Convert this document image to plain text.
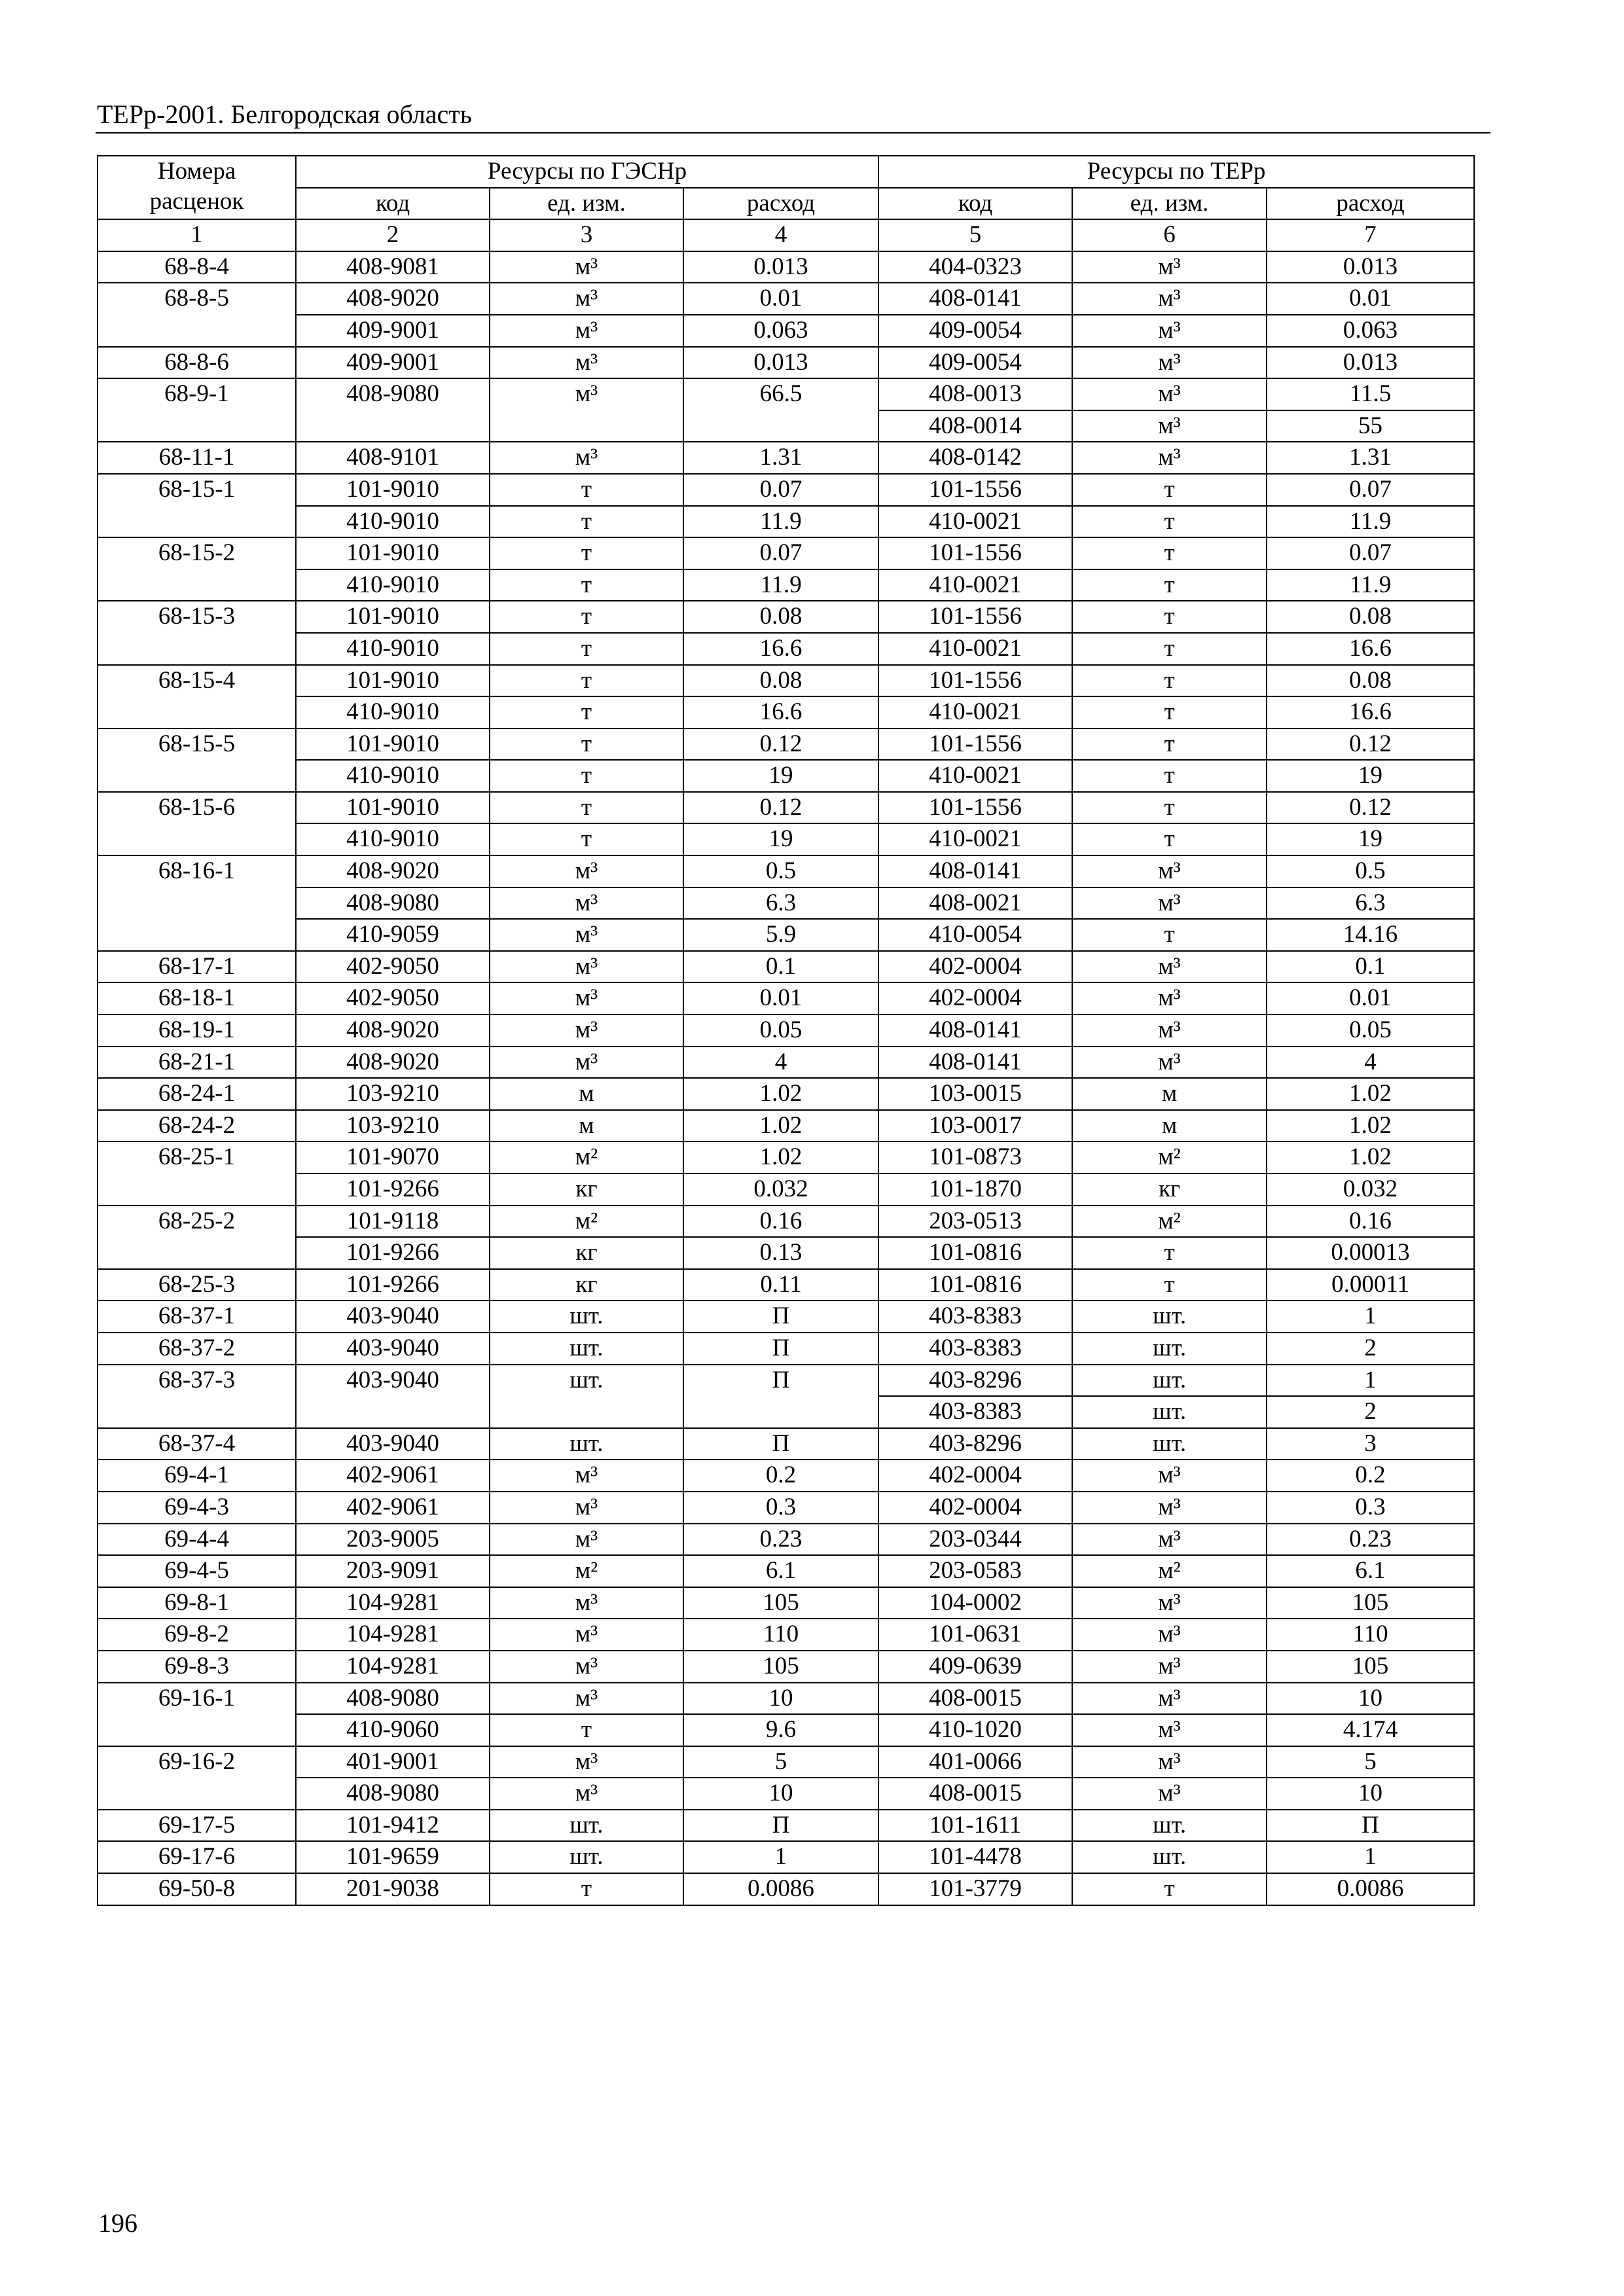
ТЕРр-2001. Белгородская область
Номера
расценок	Ресурсы по ГЭСНр			Ресурсы по ТЕРр		
	код	ед. изм.	расход	код	ед. изм.	расход
1	2	3	4	5	6	7
68-8-4	408-9081	м³	0.013	404-0323	м³	0.013
68-8-5	408-9020	м³	0.01	408-0141	м³	0.01
	409-9001	м³	0.063	409-0054	м³	0.063
68-8-6	409-9001	м³	0.013	409-0054	м³	0.013
68-9-1	408-9080	м³	66.5	408-0013	м³	11.5
				408-0014	м³	55
68-11-1	408-9101	м³	1.31	408-0142	м³	1.31
68-15-1	101-9010	т	0.07	101-1556	т	0.07
	410-9010	т	11.9	410-0021	т	11.9
68-15-2	101-9010	т	0.07	101-1556	т	0.07
	410-9010	т	11.9	410-0021	т	11.9
68-15-3	101-9010	т	0.08	101-1556	т	0.08
	410-9010	т	16.6	410-0021	т	16.6
68-15-4	101-9010	т	0.08	101-1556	т	0.08
	410-9010	т	16.6	410-0021	т	16.6
68-15-5	101-9010	т	0.12	101-1556	т	0.12
	410-9010	т	19	410-0021	т	19
68-15-6	101-9010	т	0.12	101-1556	т	0.12
	410-9010	т	19	410-0021	т	19
68-16-1	408-9020	м³	0.5	408-0141	м³	0.5
	408-9080	м³	6.3	408-0021	м³	6.3
	410-9059	м³	5.9	410-0054	т	14.16
68-17-1	402-9050	м³	0.1	402-0004	м³	0.1
68-18-1	402-9050	м³	0.01	402-0004	м³	0.01
68-19-1	408-9020	м³	0.05	408-0141	м³	0.05
68-21-1	408-9020	м³	4	408-0141	м³	4
68-24-1	103-9210	м	1.02	103-0015	м	1.02
68-24-2	103-9210	м	1.02	103-0017	м	1.02
68-25-1	101-9070	м²	1.02	101-0873	м²	1.02
	101-9266	кг	0.032	101-1870	кг	0.032
68-25-2	101-9118	м²	0.16	203-0513	м²	0.16
	101-9266	кг	0.13	101-0816	т	0.00013
68-25-3	101-9266	кг	0.11	101-0816	т	0.00011
68-37-1	403-9040	шт.	П	403-8383	шт.	1
68-37-2	403-9040	шт.	П	403-8383	шт.	2
68-37-3	403-9040	шт.	П	403-8296	шт.	1
				403-8383	шт.	2
68-37-4	403-9040	шт.	П	403-8296	шт.	3
69-4-1	402-9061	м³	0.2	402-0004	м³	0.2
69-4-3	402-9061	м³	0.3	402-0004	м³	0.3
69-4-4	203-9005	м³	0.23	203-0344	м³	0.23
69-4-5	203-9091	м²	6.1	203-0583	м²	6.1
69-8-1	104-9281	м³	105	104-0002	м³	105
69-8-2	104-9281	м³	110	101-0631	м³	110
69-8-3	104-9281	м³	105	409-0639	м³	105
69-16-1	408-9080	м³	10	408-0015	м³	10
	410-9060	т	9.6	410-1020	м³	4.174
69-16-2	401-9001	м³	5	401-0066	м³	5
	408-9080	м³	10	408-0015	м³	10
69-17-5	101-9412	шт.	П	101-1611	шт.	П
69-17-6	101-9659	шт.	1	101-4478	шт.	1
69-50-8	201-9038	т	0.0086	101-3779	т	0.0086
196
